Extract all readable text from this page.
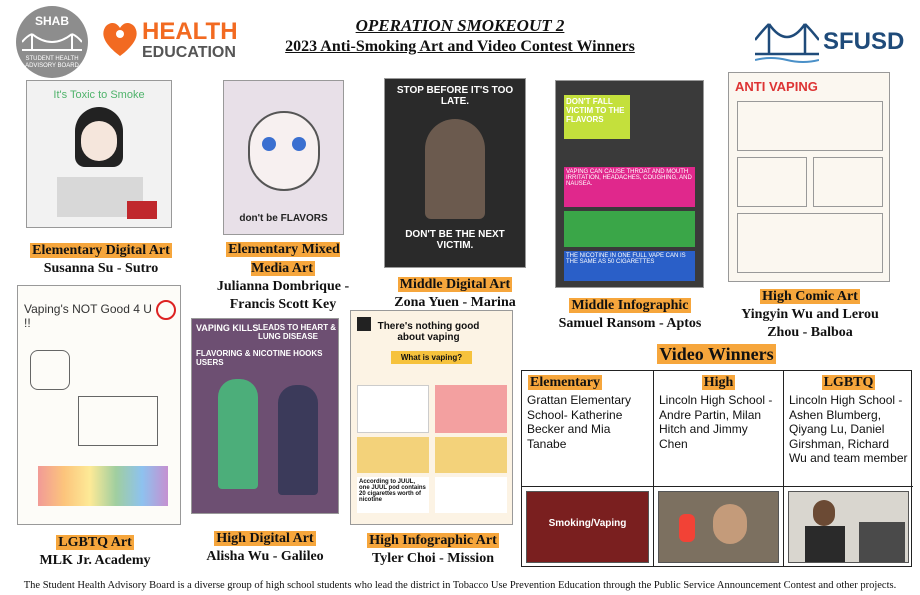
SHAB
STUDENT HEALTH ADVISORY BOARD
HEALTH
EDUCATION
OPERATION SMOKEOUT 2
2023 Anti-Smoking Art and Video Contest Winners	SFUSD
It's Toxic to Smoke
Elementary Digital Art
Susanna Su - Sutro
don't be FLAVORS
Elementary Mixed Media Art
Julianna Dombrique - Francis Scott Key
STOP BEFORE IT'S TOO LATE.
DON'T BE THE NEXT VICTIM.
Middle Digital Art
Zona Yuen - Marina
DON'T FALL VICTIM TO THE FLAVORS
VAPING CAN CAUSE THROAT AND MOUTH IRRITATION, HEADACHES, COUGHING, AND NAUSEA.
THE NICOTINE IN ONE FULL VAPE CAN IS THE SAME AS 50 CIGARETTES
Middle Infographic
Samuel Ransom - Aptos
ANTI VAPING
High Comic Art
Yingyin Wu and Lerou Zhou - Balboa
Vaping's NOT Good 4 U !!
LGBTQ Art
MLK Jr. Academy
VAPING KILLS LEADS TO HEART & LUNG DISEASE
FLAVORING & NICOTINE HOOKS USERS
High Digital Art
Alisha Wu - Galileo
There's nothing good about vaping
What is vaping?
According to JUUL, one JUUL pod contains 20 cigarettes worth of nicotine
High Infographic Art
Tyler Choi - Mission
Video Winners
Elementary
Grattan Elementary School- Katherine Becker and Mia Tanabe
Smoking/Vaping
High
Lincoln High School - Andre Partin, Milan Hitch and Jimmy Chen
LGBTQ
Lincoln High School - Ashen Blumberg, Qiyang Lu, Daniel Girshman, Richard Wu and team member
The Student Health Advisory Board is a diverse group of high school students who lead the district in Tobacco Use Prevention Education through the Public Service Announcement Contest and other projects.
